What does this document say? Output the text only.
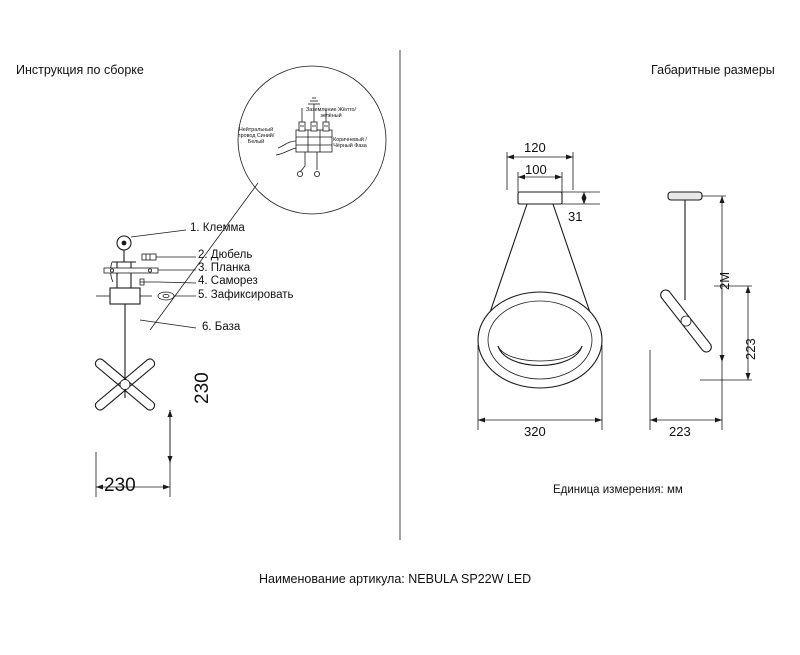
Инструкция по сборке	Габаритные размеры
Нейтральный провод Синий/Белый
Заземление Жёлто/зелёный
Коричневый /Чёрный Фаза
1. Клемма
2. Дюбель
3. Планка
4. Саморез
5. Зафиксировать
6. База
230
230
120
100
31
320
2M
223
223
Единица измерения: мм
Наименование артикула: NEBULA SP22W LED
